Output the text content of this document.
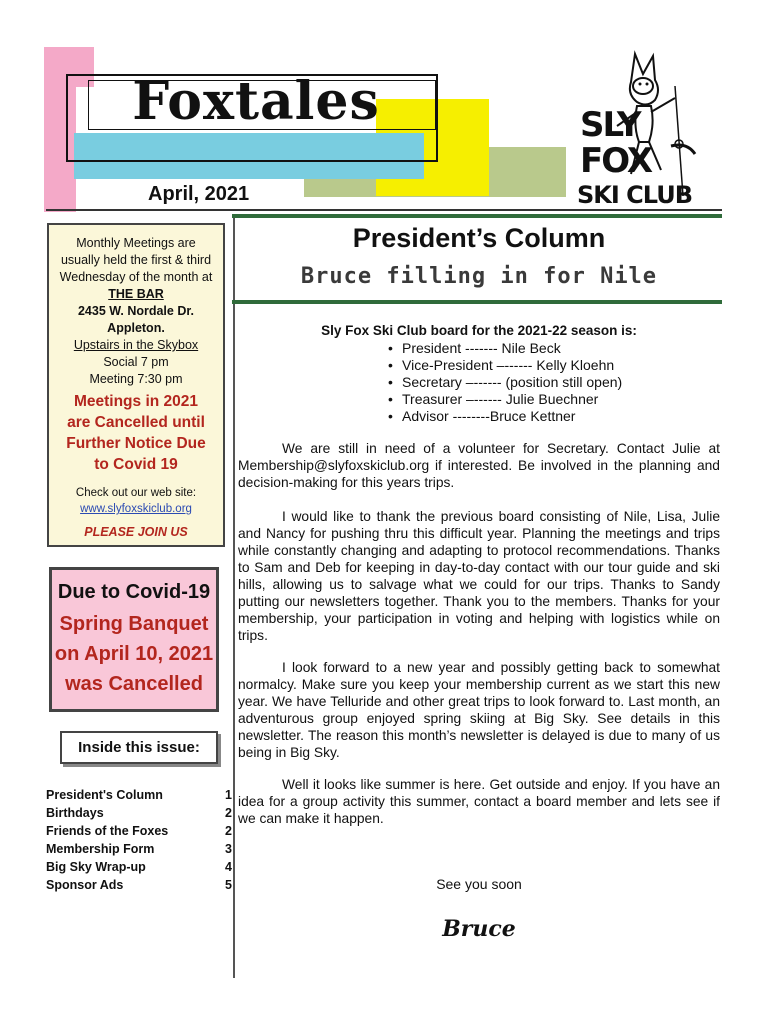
Foxtales
April, 2021
SLY
FOX
SKI CLUB
Monthly Meetings are
usually held the first & third
Wednesday of the month at
THE BAR
2435 W. Nordale Dr.
Appleton.
Upstairs in the Skybox
Social 7 pm
Meeting 7:30 pm
Meetings in 2021
are Cancelled until
Further Notice Due
to Covid 19
Check out our web site:
www.slyfoxskiclub.org
PLEASE JOIN US
Due to Covid-19
Spring Banquet
on April 10, 2021
was Cancelled
Inside this issue:
President's Column	1
Birthdays	2
Friends of the Foxes	2
Membership Form	3
Big Sky Wrap-up	4
Sponsor Ads	5
President’s Column
Bruce filling in for Nile
Sly Fox Ski Club board for the 2021-22 season is:
• President ------- Nile Beck
• Vice-President –------ Kelly Kloehn
• Secretary –------ (position still open)
• Treasurer –------ Julie Buechner
• Advisor --------Bruce Kettner
We are still in need of a volunteer for Secretary. Contact Julie at Membership@slyfoxskiclub.org if interested. Be involved in the planning and decision-making for this years trips.
I would like to thank the previous board consisting of Nile, Lisa, Julie and Nancy for pushing thru this difficult year. Planning the meetings and trips while constantly changing and adapting to protocol recommendations. Thanks to Sam and Deb for keeping in day-to-day contact with our tour guide and ski hills, allowing us to salvage what we could for our trips. Thanks to Sandy putting our newsletters together. Thank you to the members. Thanks for your membership, your participation in voting and helping with logistics while on trips.
I look forward to a new year and possibly getting back to somewhat normalcy. Make sure you keep your membership current as we start this new year. We have Telluride and other great trips to look forward to. Last month, an adventurous group enjoyed spring skiing at Big Sky. See details in this newsletter. The reason this month’s newsletter is delayed is due to many of us being in Big Sky.
Well it looks like summer is here. Get outside and enjoy. If you have an idea for a group activity this summer, contact a board member and lets see if we can make it happen.
See you soon
Bruce
